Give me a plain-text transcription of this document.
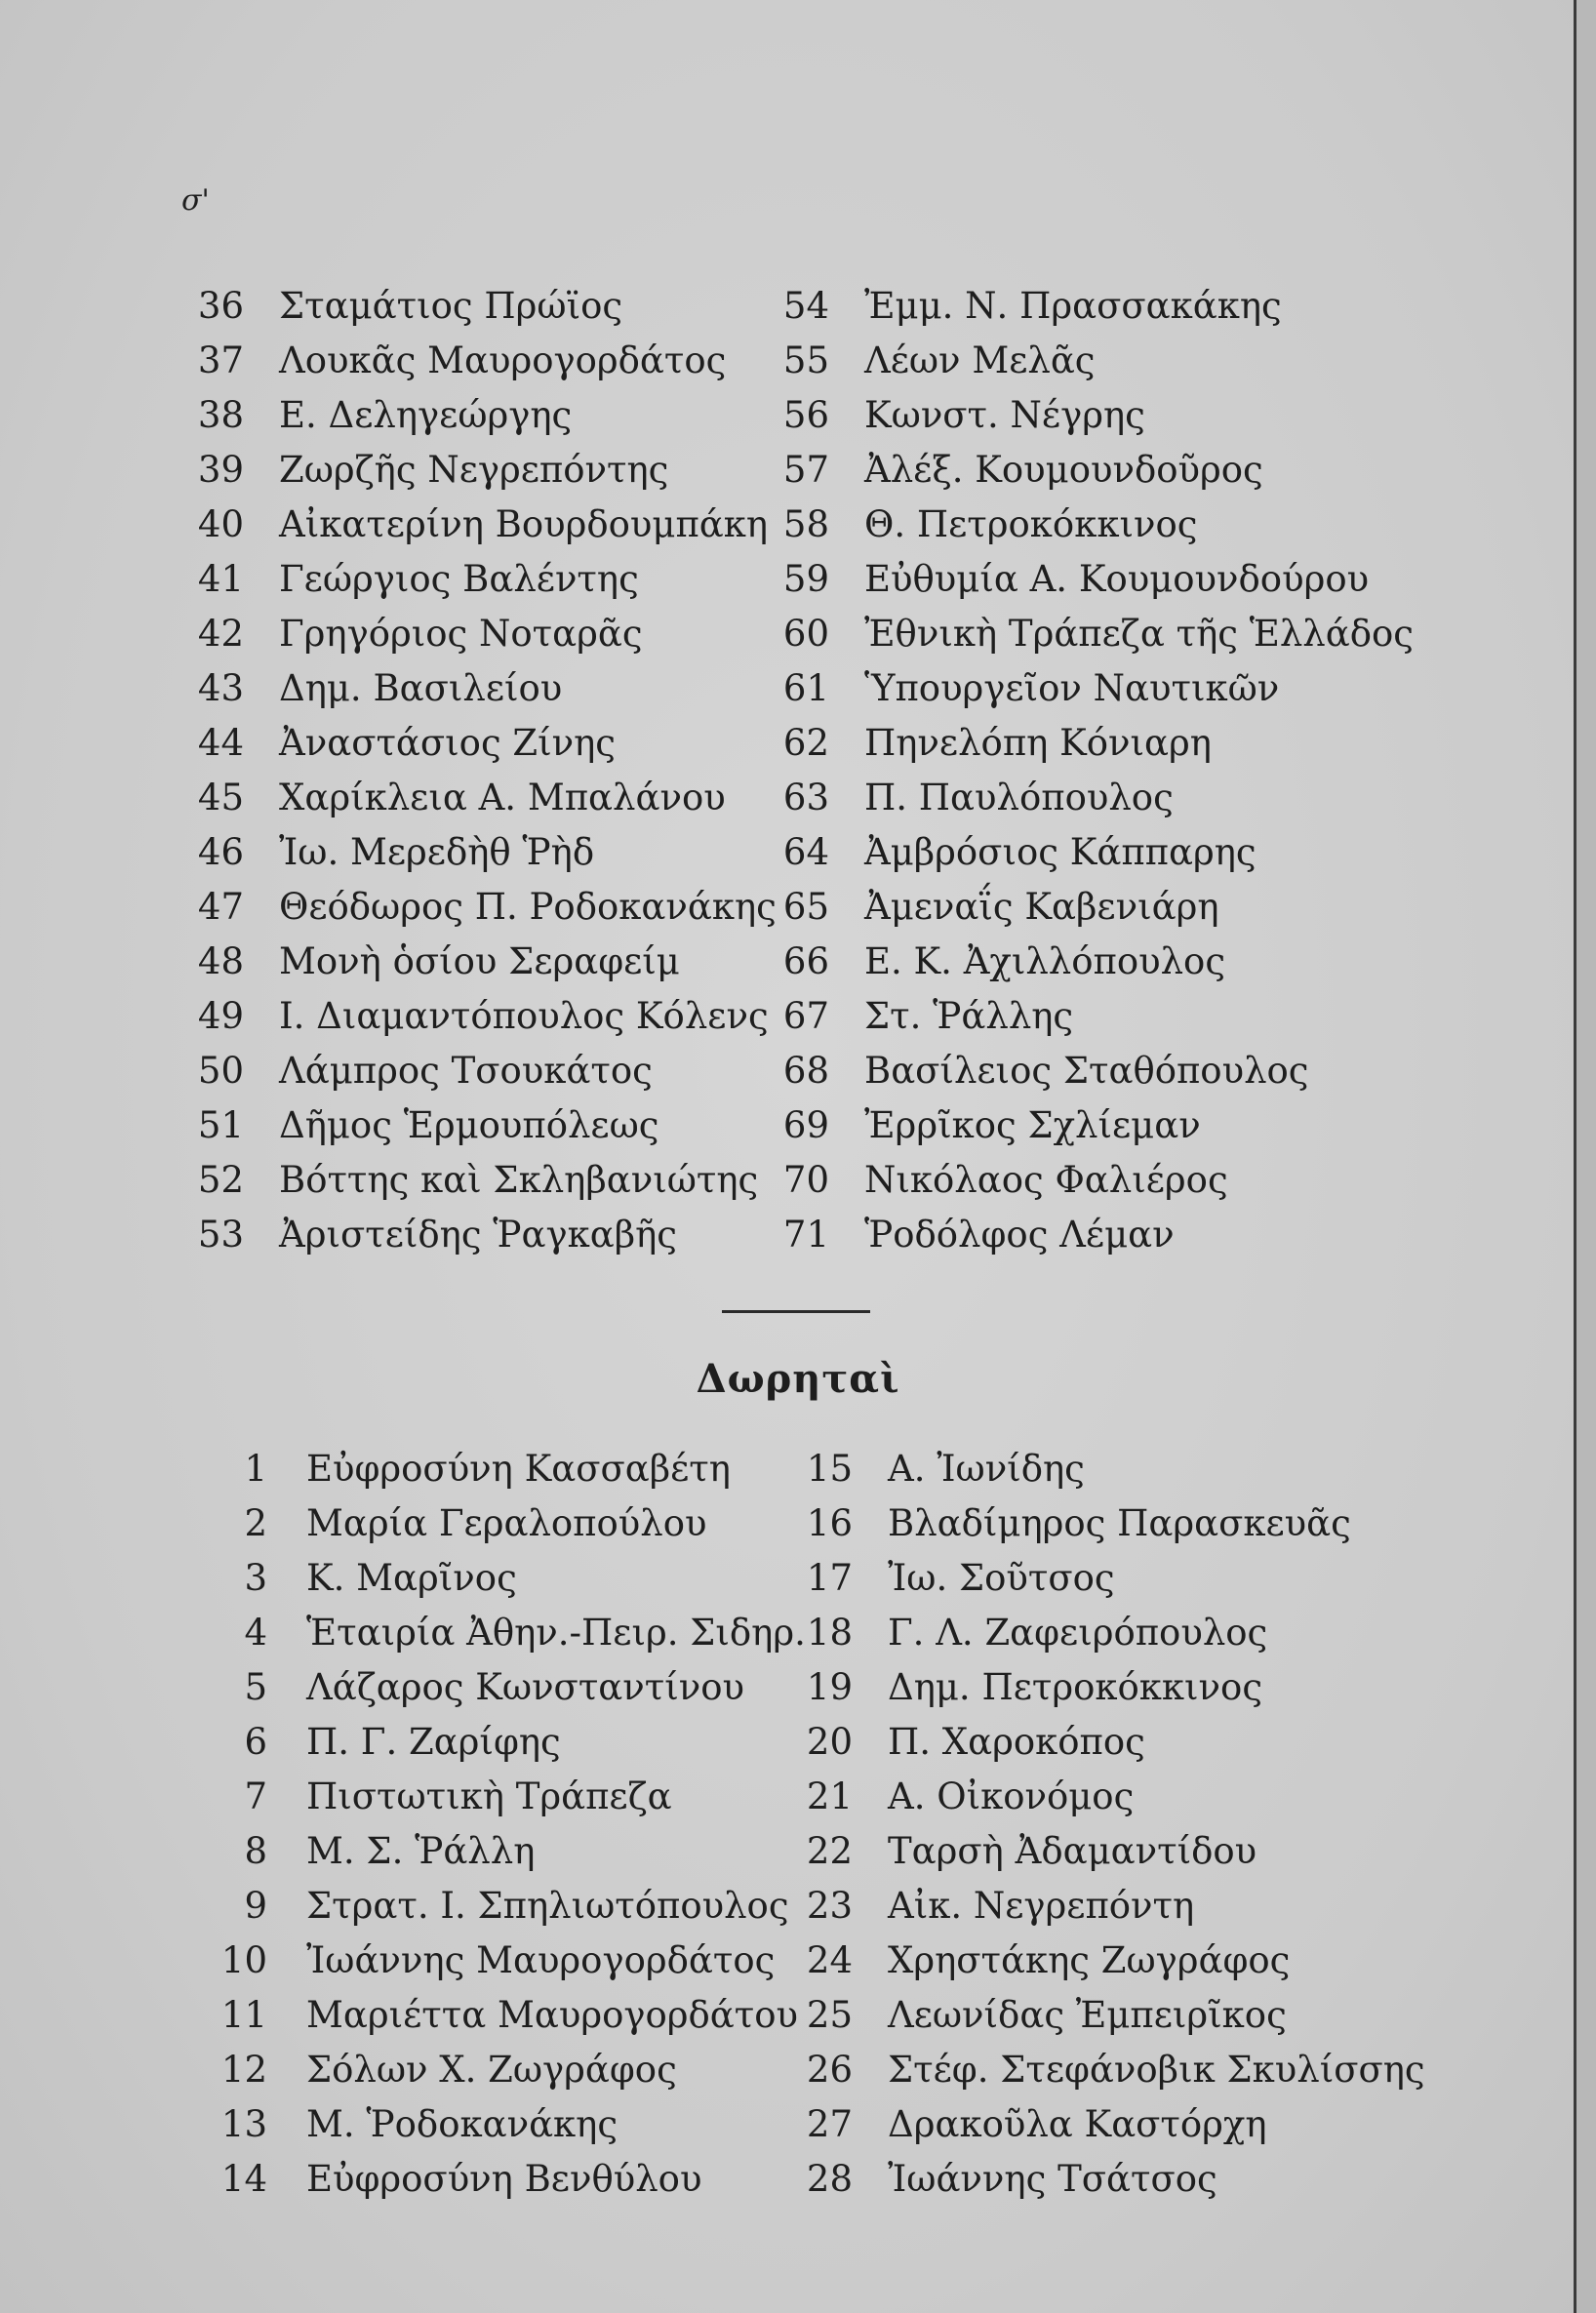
σ'
36 Σταμάτιος Πρώϊος
37 Λουκᾶς Μαυρογορδάτος
38 Ε. Δεληγεώργης
39 Ζωρζῆς Νεγρεπόντης
40 Αἰκατερίνη Βουρδουμπάκη
41 Γεώργιος Βαλέντης
42 Γρηγόριος Νοταρᾶς
43 Δημ. Βασιλείου
44 Ἀναστάσιος Ζίνης
45 Χαρίκλεια Α. Μπαλάνου
46 Ἰω. Μερεδὴθ Ῥὴδ
47 Θεόδωρος Π. Ροδοκανάκης
48 Μονὴ ὁσίου Σεραφείμ
49 Ι. Διαμαντόπουλος Κόλενς
50 Λάμπρος Τσουκάτος
51 Δῆμος Ἑρμουπόλεως
52 Βόττης καὶ Σκληβανιώτης
53 Ἀριστείδης Ῥαγκαβῆς
54 Ἐμμ. Ν. Πρασσακάκης
55 Λέων Μελᾶς
56 Κωνστ. Νέγρης
57 Ἀλέξ. Κουμουνδοῦρος
58 Θ. Πετροκόκκινος
59 Εὐθυμία Α. Κουμουνδούρου
60 Ἐθνικὴ Τράπεζα τῆς Ἑλλάδος
61 Ὑπουργεῖον Ναυτικῶν
62 Πηνελόπη Κόνιαρη
63 Π. Παυλόπουλος
64 Ἀμβρόσιος Κάππαρης
65 Ἀμεναΐς Καβενιάρη
66 Ε. Κ. Ἀχιλλόπουλος
67 Στ. Ῥάλλης
68 Βασίλειος Σταθόπουλος
69 Ἐρρῖκος Σχλίεμαν
70 Νικόλαος Φαλιέρος
71 Ῥοδόλφος Λέμαν
Δωρηταὶ
1 Εὐφροσύνη Κασσαβέτη
2 Μαρία Γεραλοπούλου
3 Κ. Μαρῖνος
4 Ἑταιρία Ἀθην.-Πειρ. Σιδηρ.
5 Λάζαρος Κωνσταντίνου
6 Π. Γ. Ζαρίφης
7 Πιστωτικὴ Τράπεζα
8 Μ. Σ. Ῥάλλη
9 Στρατ. Ι. Σπηλιωτόπουλος
10 Ἰωάννης Μαυρογορδάτος
11 Μαριέττα Μαυρογορδάτου
12 Σόλων Χ. Ζωγράφος
13 Μ. Ῥοδοκανάκης
14 Εὐφροσύνη Βενθύλου
15 Α. Ἰωνίδης
16 Βλαδίμηρος Παρασκευᾶς
17 Ἰω. Σοῦτσος
18 Γ. Λ. Ζαφειρόπουλος
19 Δημ. Πετροκόκκινος
20 Π. Χαροκόπος
21 Α. Οἰκονόμος
22 Ταρσὴ Ἀδαμαντίδου
23 Αἰκ. Νεγρεπόντη
24 Χρηστάκης Ζωγράφος
25 Λεωνίδας Ἐμπειρῖκος
26 Στέφ. Στεφάνοβικ Σκυλίσσης
27 Δρακοῦλα Καστόρχη
28 Ἰωάννης Τσάτσος
